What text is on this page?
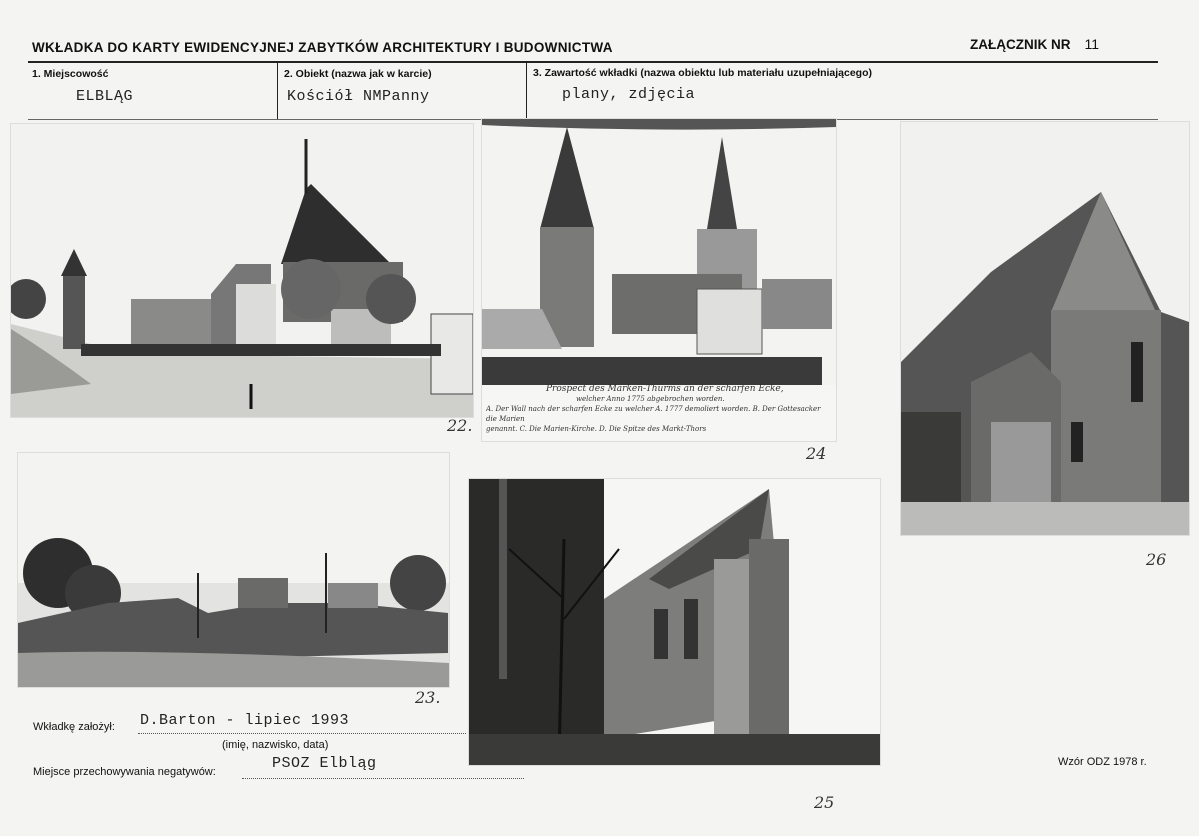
WKŁADKA DO KARTY EWIDENCYJNEJ ZABYTKÓW ARCHITEKTURY I BUDOWNICTWA	ZAŁĄCZNIK NR 11
1. Miejscowość
ELBLĄG
2. Obiekt (nazwa jak w karcie)
Kościół NMPanny
3. Zawartość wkładki (nazwa obiektu lub materiału uzupełniającego)
plany, zdjęcia
22.
Prospect des Marken-Thurms an der scharfen Ecke,
welcher Anno 1775 abgebrochen worden.
A. Der Wall nach der scharfen Ecke zu welcher A. 1777 demoliert worden. B. Der Gottesacker die Marien
genannt. C. Die Marien-Kirche. D. Die Spitze des Markt-Thors
24
26
23.
25
Wkładkę założył: D.Barton - lipiec 1993
(imię, nazwisko, data)
Miejsce przechowywania negatywów:	PSOZ Elbląg	Wzór ODZ 1978 r.
